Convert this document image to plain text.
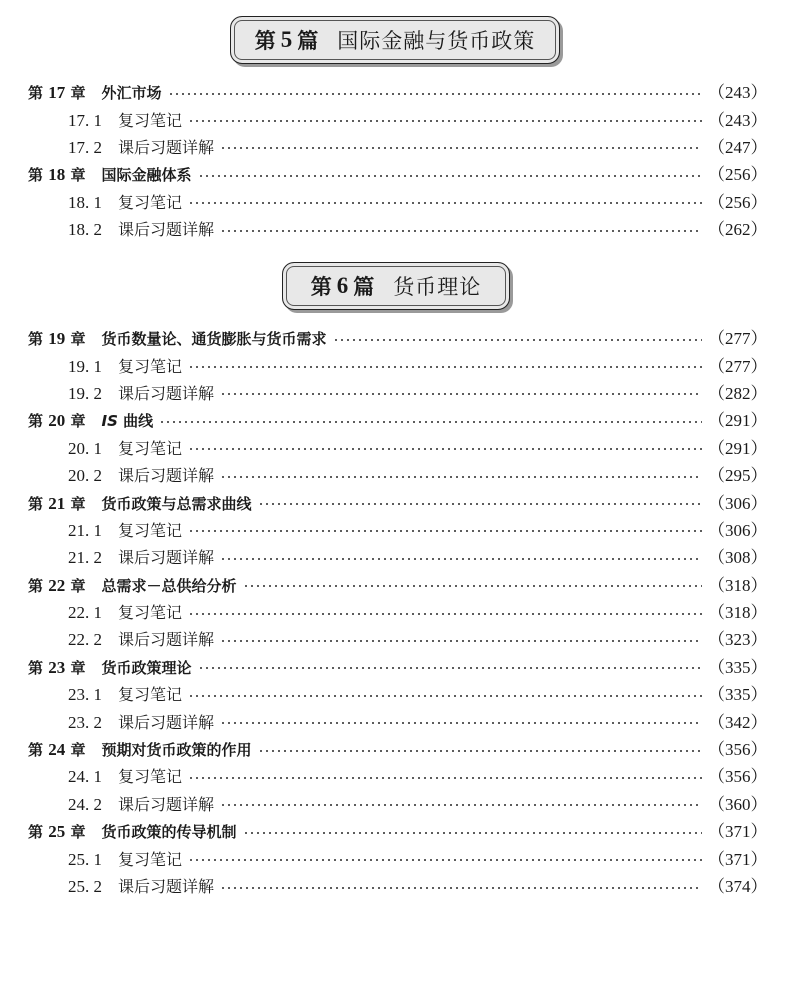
第 5 篇 国际金融与货币政策
第 17 章 外汇市场	（243）
17. 1 复习笔记	（243）
17. 2 课后习题详解	（247）
第 18 章 国际金融体系	（256）
18. 1 复习笔记	（256）
18. 2 课后习题详解	（262）
第 6 篇 货币理论
第 19 章 货币数量论、通货膨胀与货币需求	（277）
19. 1 复习笔记	（277）
19. 2 课后习题详解	（282）
第 20 章 IS 曲线	（291）
20. 1 复习笔记	（291）
20. 2 课后习题详解	（295）
第 21 章 货币政策与总需求曲线	（306）
21. 1 复习笔记	（306）
21. 2 课后习题详解	（308）
第 22 章 总需求－总供给分析	（318）
22. 1 复习笔记	（318）
22. 2 课后习题详解	（323）
第 23 章 货币政策理论	（335）
23. 1 复习笔记	（335）
23. 2 课后习题详解	（342）
第 24 章 预期对货币政策的作用	（356）
24. 1 复习笔记	（356）
24. 2 课后习题详解	（360）
第 25 章 货币政策的传导机制	（371）
25. 1 复习笔记	（371）
25. 2 课后习题详解	（374）
